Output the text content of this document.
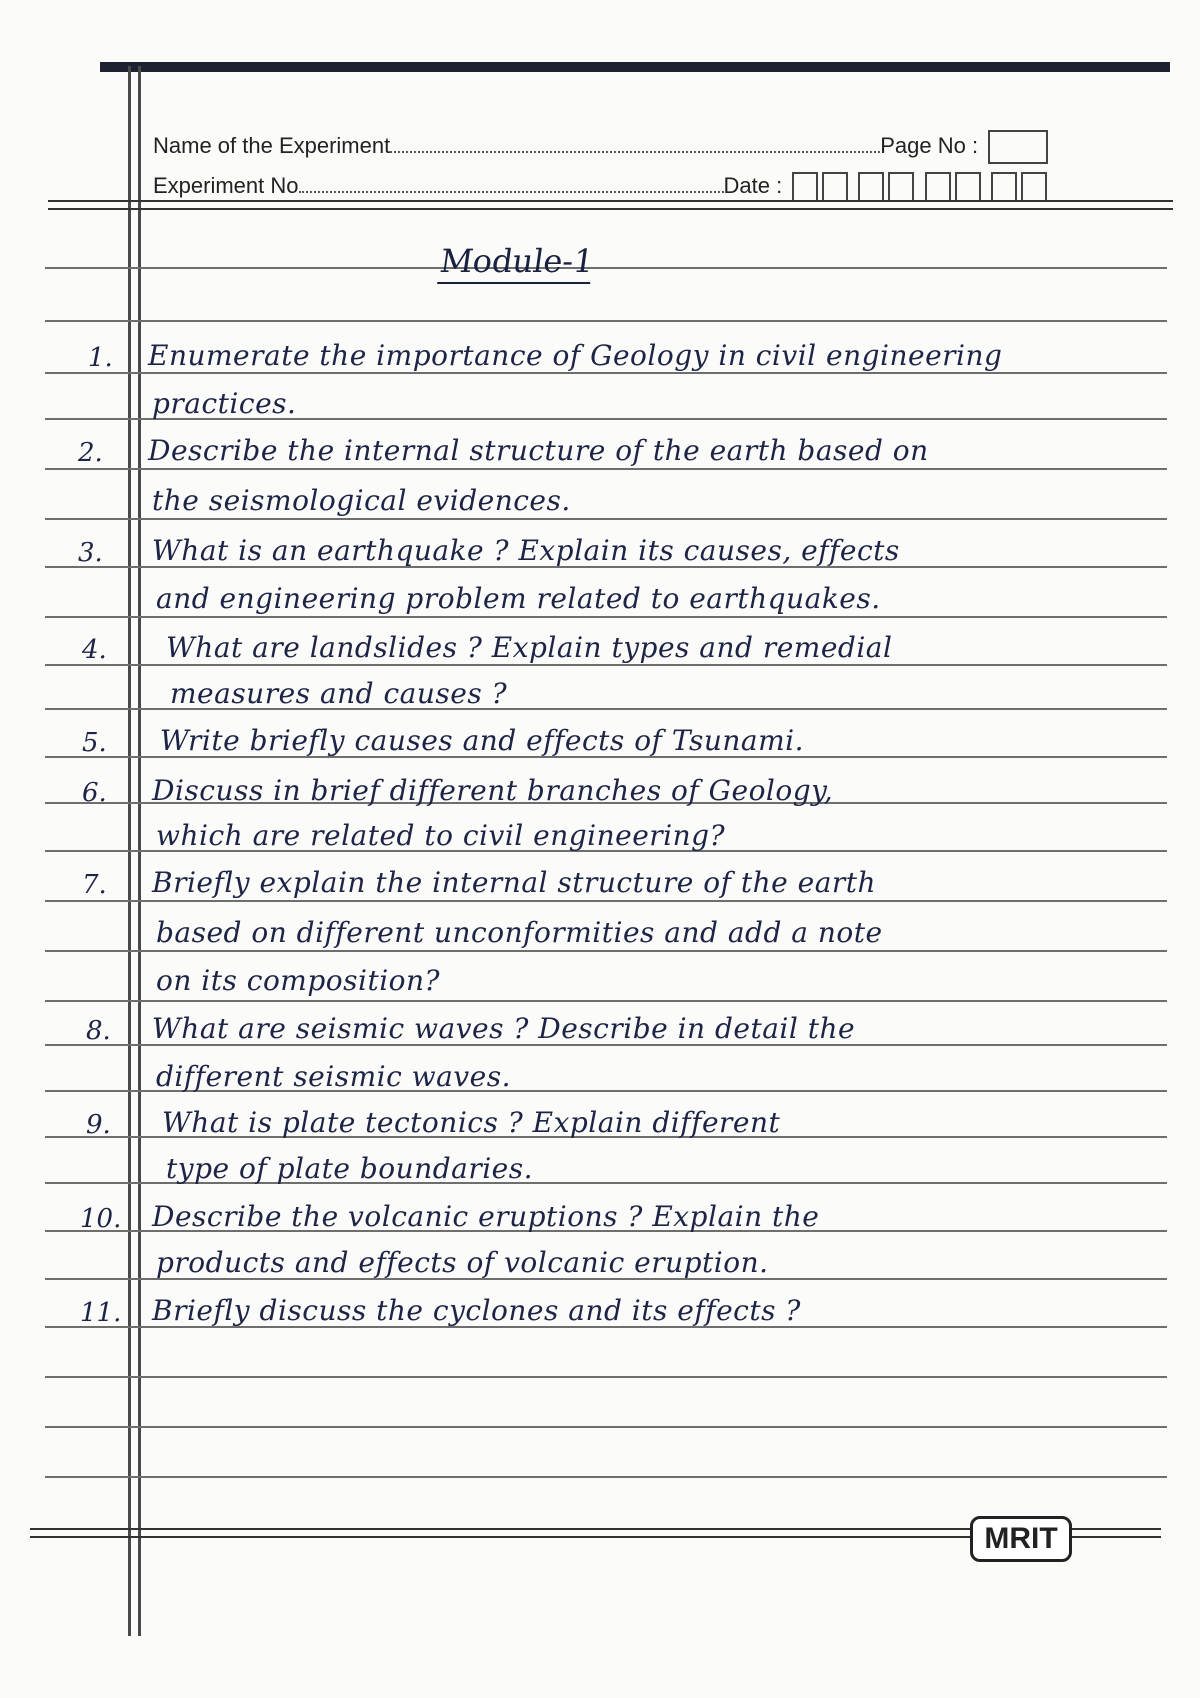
Name of the Experiment	Page No :
Experiment No	Date :
Module-1
1. Enumerate the importance of Geology in civil engineering
practices.
2. Describe the internal structure of the earth based on
the seismological evidences.
3. What is an earthquake ? Explain its causes, effects
and engineering problem related to earthquakes.
4. What are landslides ? Explain types and remedial
measures and causes ?
5. Write briefly causes and effects of Tsunami.
6. Discuss in brief different branches of Geology,
which are related to civil engineering?
7. Briefly explain the internal structure of the earth
based on different unconformities and add a note
on its composition?
8. What are seismic waves ? Describe in detail the
different seismic waves.
9. What is plate tectonics ? Explain different
type of plate boundaries.
10. Describe the volcanic eruptions ? Explain the
products and effects of volcanic eruption.
11. Briefly discuss the cyclones and its effects ?
MRIT
